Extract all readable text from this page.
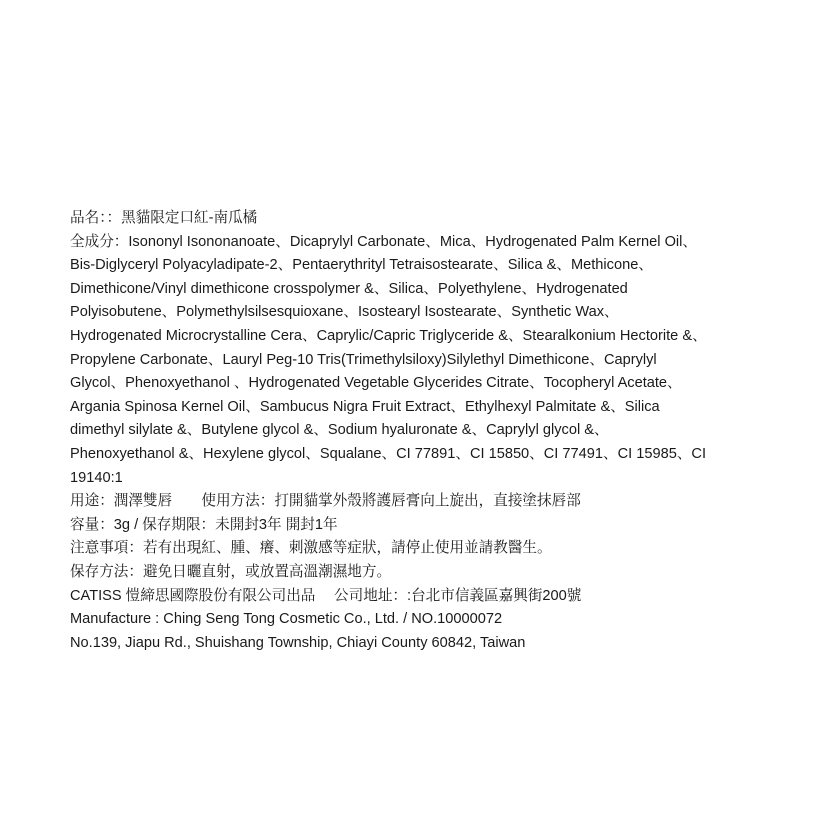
品名：：黑貓限定口紅-南瓜橘

全成分：Isononyl Isononanoate、Dicaprylyl Carbonate、Mica、Hydrogenated Palm Kernel Oil、

Bis-Diglyceryl Polyacyladipate-2、Pentaerythrityl Tetraisostearate、Silica &、Methicone、

Dimethicone/Vinyl dimethicone crosspolymer &、Silica、Polyethylene、Hydrogenated

Polyisobutene、Polymethylsilsesquioxane、Isostearyl Isostearate、Synthetic Wax、

Hydrogenated Microcrystalline Cera、Caprylic/Capric Triglyceride &、Stearalkonium Hectorite &、

Propylene Carbonate、Lauryl Peg-10 Tris(Trimethylsiloxy)Silylethyl Dimethicone、Caprylyl

Glycol、Phenoxyethanol 、Hydrogenated Vegetable Glycerides Citrate、Tocopheryl Acetate、

Argania Spinosa Kernel Oil、Sambucus Nigra Fruit Extract、Ethylhexyl Palmitate &、Silica

dimethyl silylate &、Butylene glycol &、Sodium hyaluronate &、Caprylyl glycol &、

Phenoxyethanol &、Hexylene glycol、Squalane、CI 77891、CI 15850、CI 77491、CI 15985、CI

19140:1

用途：潤澤雙唇　　使用方法：打開貓掌外殼將護唇膏向上旋出，直接塗抹唇部

容量：3g / 保存期限：未開封3年 開封1年

注意事項：若有出現紅、腫、癢、刺激感等症狀，請停止使用並請教醫生。

保存方法：避免日曬直射，或放置高溫潮濕地方。

CATISS 愷締思國際股份有限公司出品　 公司地址：:台北市信義區嘉興街200號

Manufacture : Ching Seng Tong Cosmetic Co., Ltd. / NO.10000072

No.139, Jiapu Rd., Shuishang Township, Chiayi County 60842, Taiwan
